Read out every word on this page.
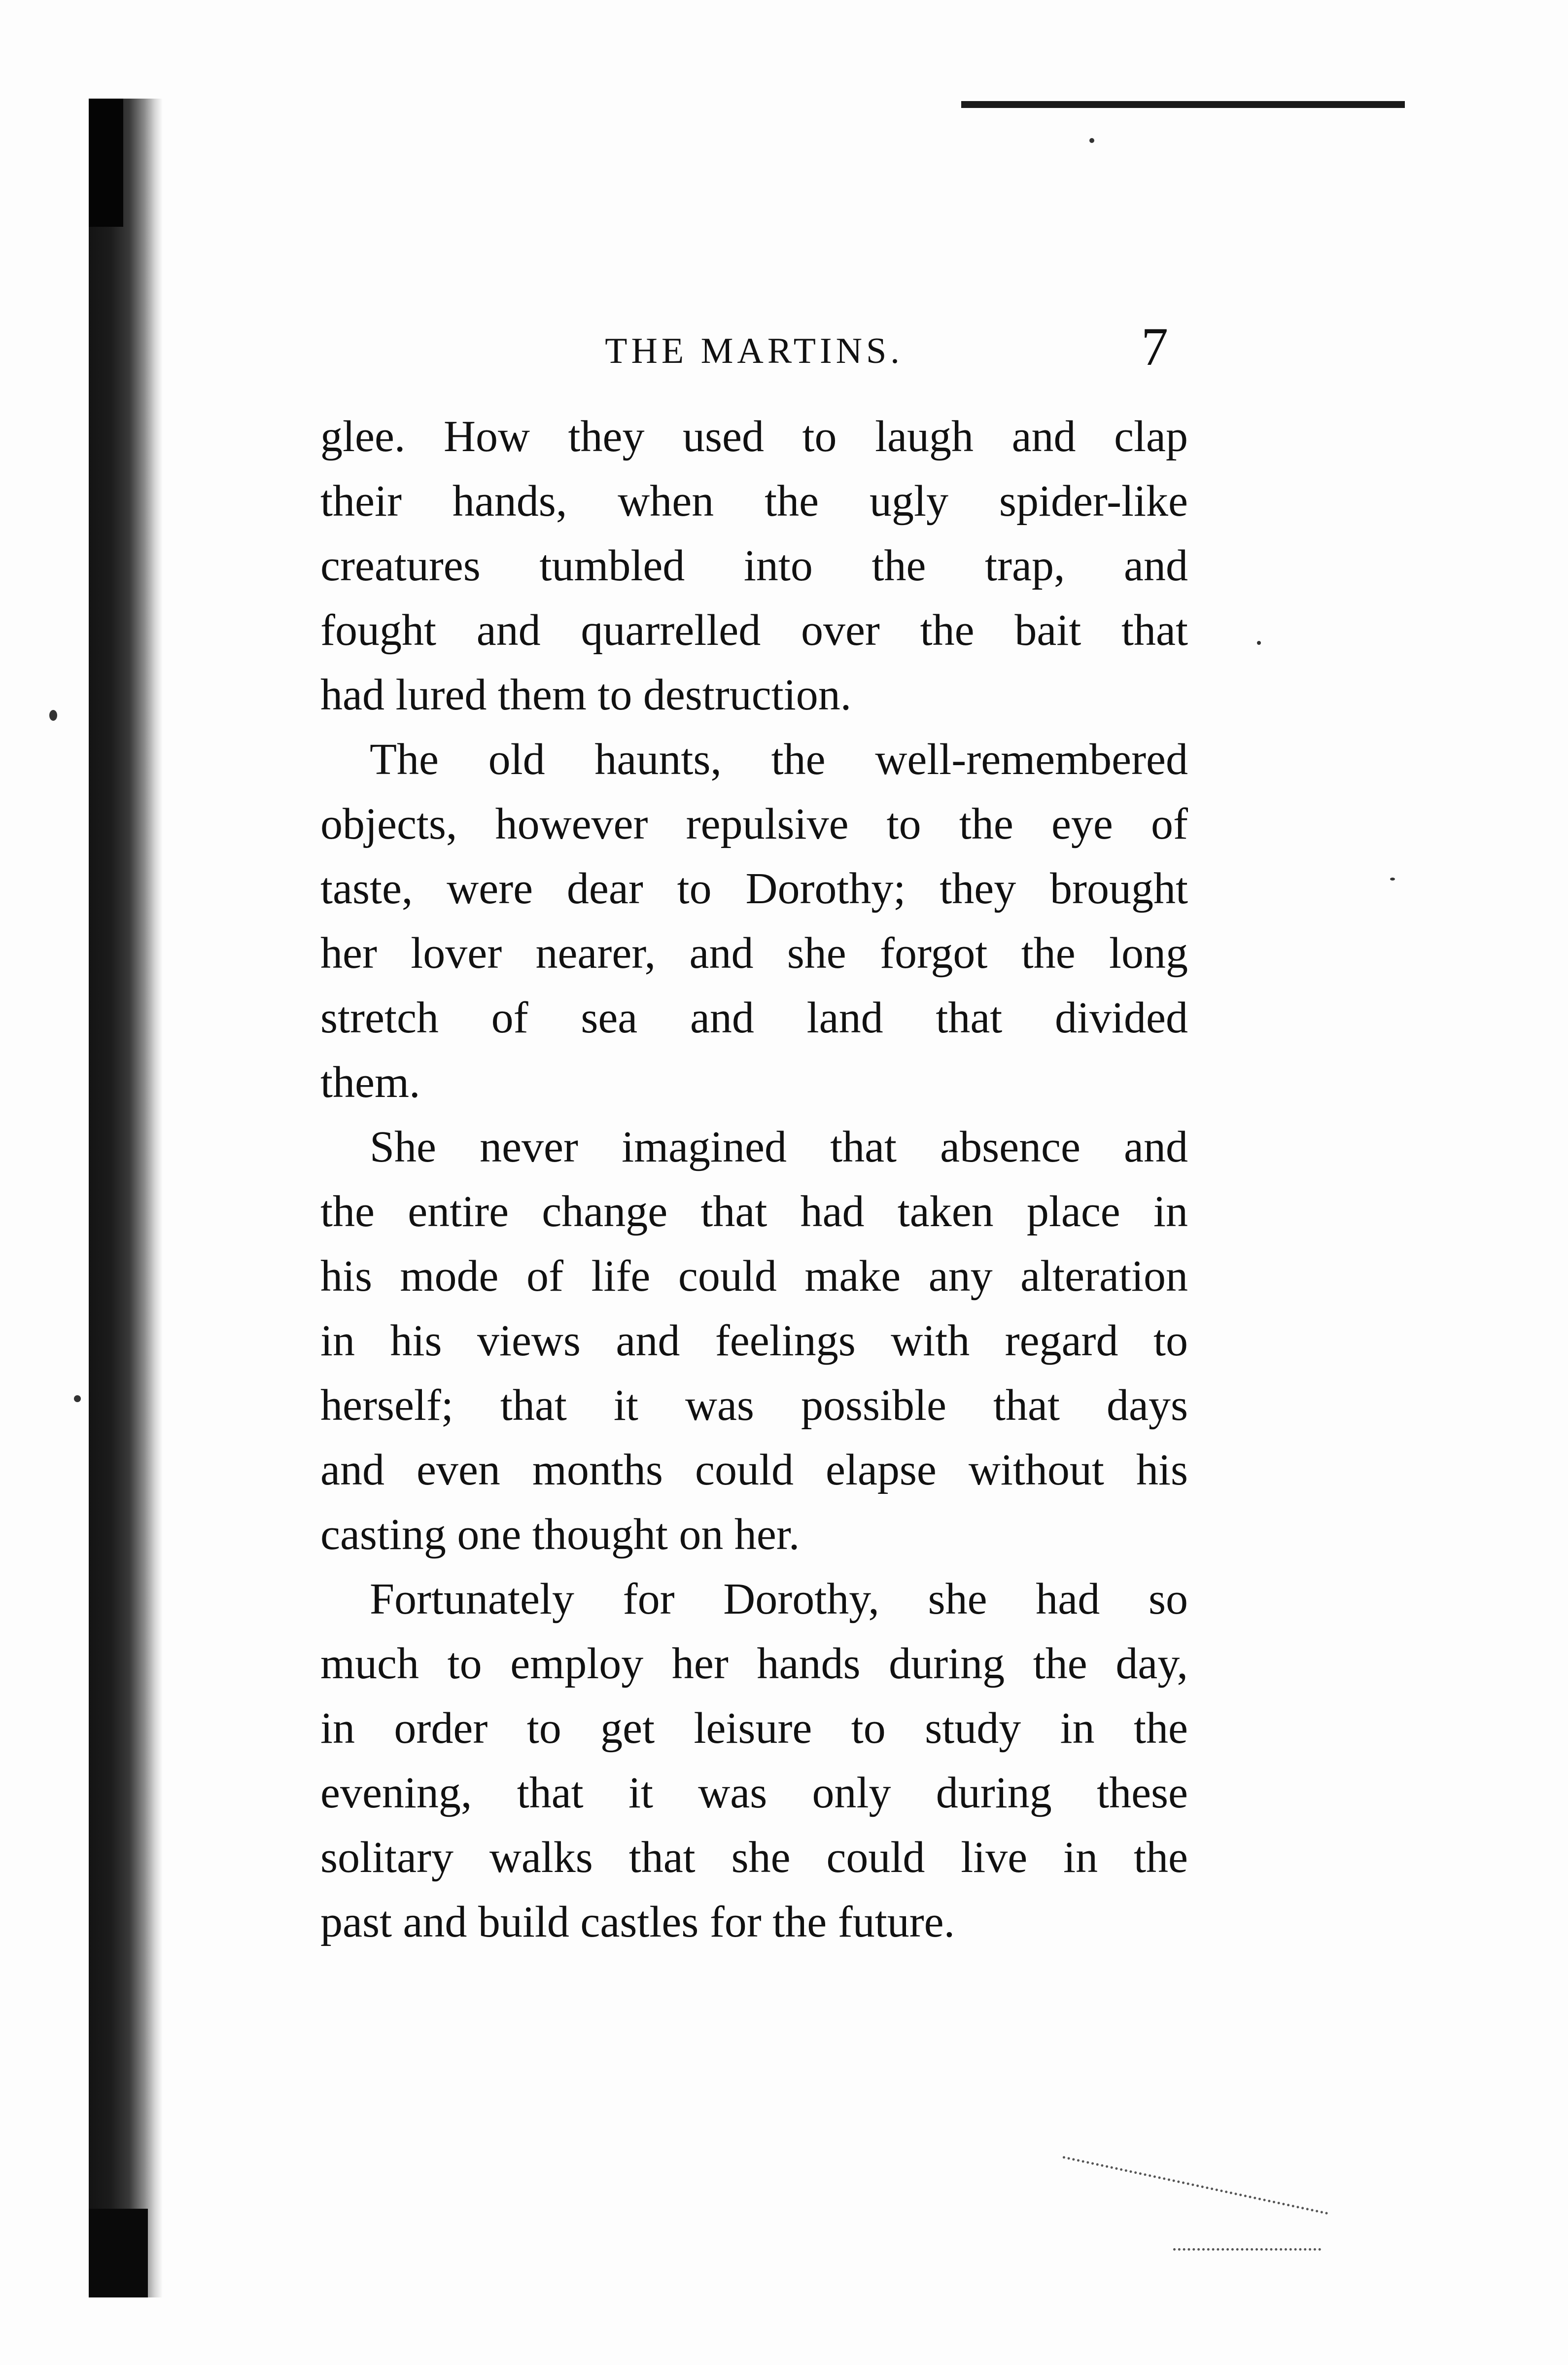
THE MARTINS.	7
glee. How they used to laugh and clap
their hands, when the ugly spider-like
creatures tumbled into the trap, and
fought and quarrelled over the bait that
had lured them to destruction.
The old haunts, the well-remembered
objects, however repulsive to the eye of
taste, were dear to Dorothy; they brought
her lover nearer, and she forgot the long
stretch of sea and land that divided
them.
She never imagined that absence and
the entire change that had taken place in
his mode of life could make any alteration
in his views and feelings with regard to
herself; that it was possible that days
and even months could elapse without his
casting one thought on her.
Fortunately for Dorothy, she had so
much to employ her hands during the day,
in order to get leisure to study in the
evening, that it was only during these
solitary walks that she could live in the
past and build castles for the future.
